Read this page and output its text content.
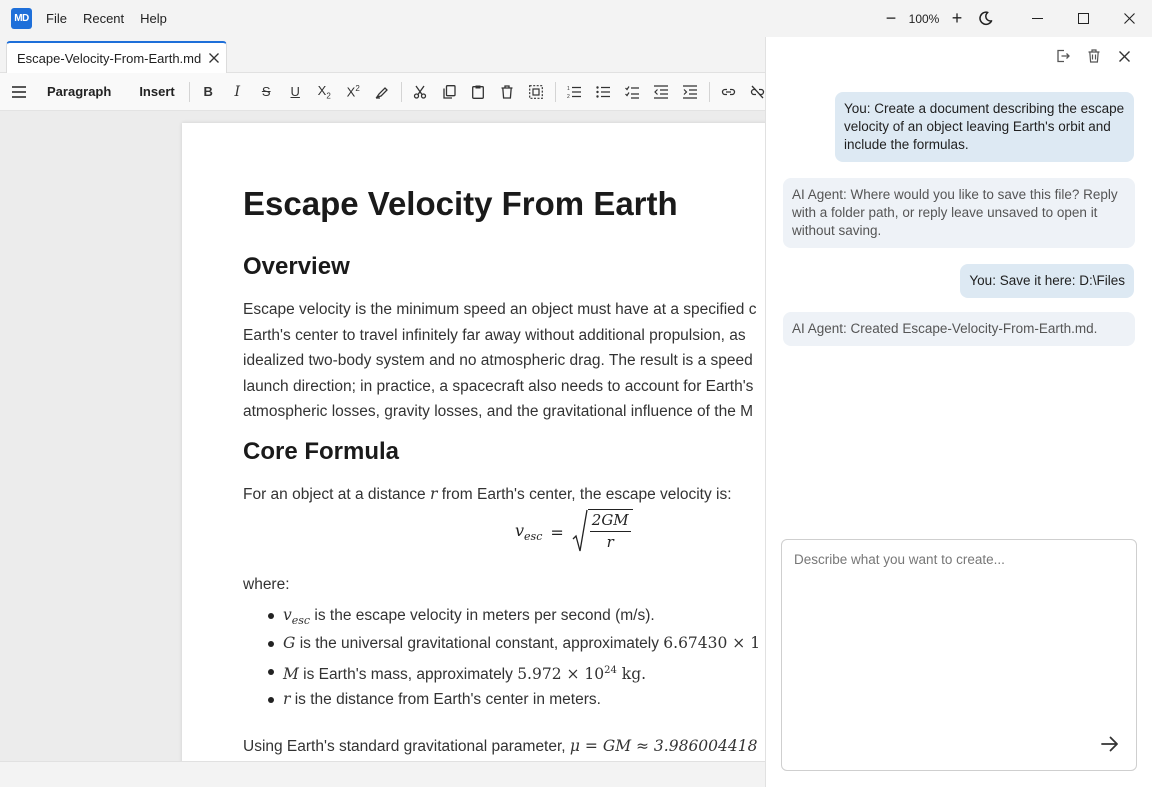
MD	File	Recent	Help	−	100% +
Escape-Velocity-From-Earth.md
Paragraph	Insert	B I S U $X_2$ $X^2$	1
2
Escape Velocity From Earth
Overview
Escape velocity is the minimum speed an object must have at a specified c
Earth's center to travel infinitely far away without additional propulsion, as
idealized two-body system and no atmospheric drag. The result is a speed
launch direction; in practice, a spacecraft also needs to account for Earth's
atmospheric losses, gravity losses, and the gravitational influence of the M
Core Formula
For an object at a distance r from Earth's center, the escape velocity is:
$v_{esc} = \frac{2GM}{r}$
where:
$v_{esc}$ is the escape velocity in meters per second (m/s).
G is the universal gravitational constant, approximately 6.67430 × 1
M is Earth's mass, approximately $5.972 \times 10^{24}$ kg.
r is the distance from Earth's center in meters.
Using Earth's standard gravitational parameter, μ = GM ≈ 3.986004418
You: Create a document describing the escape velocity of an object leaving Earth's orbit and include the formulas.
AI Agent: Where would you like to save this file? Reply with a folder path, or reply leave unsaved to open it without saving.
You: Save it here: D:\Files
AI Agent: Created Escape-Velocity-From-Earth.md.
Describe what you want to create...
